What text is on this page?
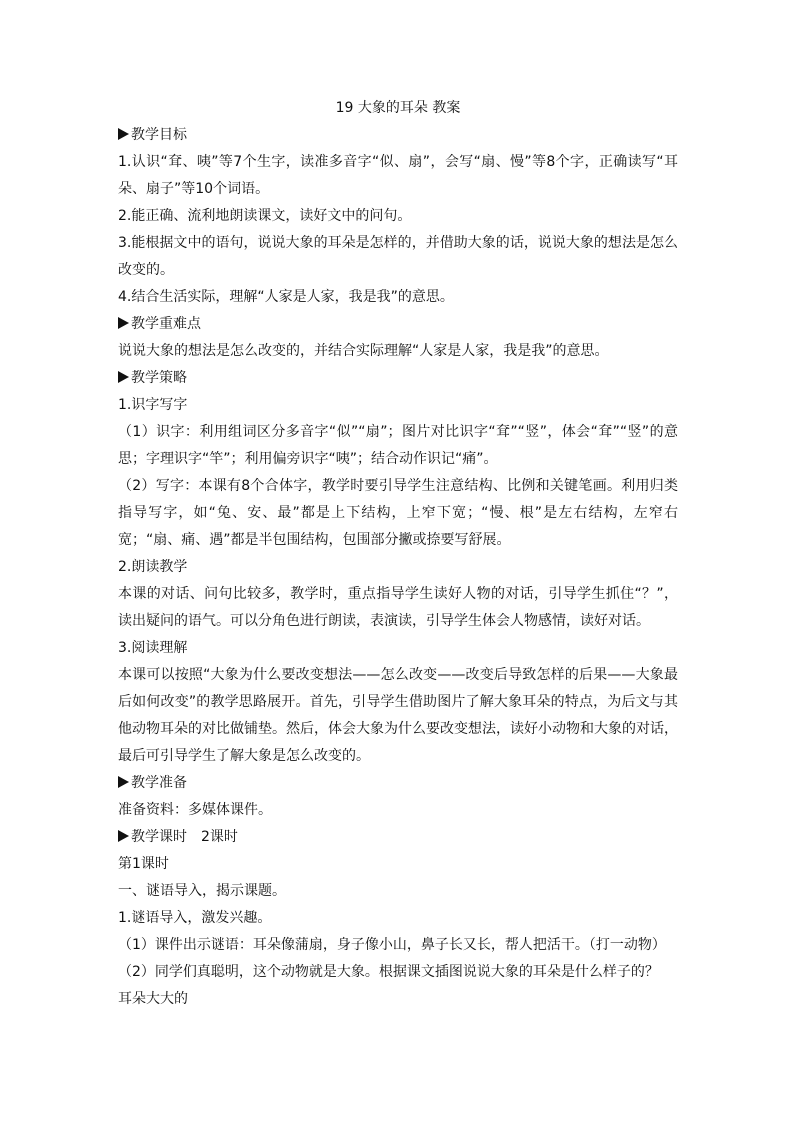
19 大象的耳朵 教案
教学目标

1.认识“耷、咦”等7个生字，读准多音字“似、扇”，会写“扇、慢”等8个字，正确读写“耳朵、扇子”等10个词语。

2.能正确、流利地朗读课文，读好文中的问句。

3.能根据文中的语句，说说大象的耳朵是怎样的，并借助大象的话，说说大象的想法是怎么改变的。

4.结合生活实际，理解“人家是人家，我是我”的意思。

教学重难点

说说大象的想法是怎么改变的，并结合实际理解“人家是人家，我是我”的意思。

教学策略

1.识字写字

（1）识字：利用组词区分多音字“似”“扇”；图片对比识字“耷”“竖”，体会“耷”“竖”的意思；字理识字“竿”；利用偏旁识字“咦”；结合动作识记“痛”。

（2）写字：本课有8个合体字，教学时要引导学生注意结构、比例和关键笔画。利用归类指导写字，如“兔、安、最”都是上下结构，上窄下宽；“慢、根”是左右结构，左窄右宽；“扇、痛、遇”都是半包围结构，包围部分撇或捺要写舒展。

2.朗读教学

本课的对话、问句比较多，教学时，重点指导学生读好人物的对话，引导学生抓住“？”，读出疑问的语气。可以分角色进行朗读，表演读，引导学生体会人物感情，读好对话。

3.阅读理解

本课可以按照“大象为什么要改变想法——怎么改变——改变后导致怎样的后果——大象最后如何改变”的教学思路展开。首先，引导学生借助图片了解大象耳朵的特点，为后文与其他动物耳朵的对比做铺垫。然后，体会大象为什么要改变想法，读好小动物和大象的对话，最后可引导学生了解大象是怎么改变的。

教学准备

准备资料：多媒体课件。

教学课时　2课时

第1课时

一、谜语导入，揭示课题。

1.谜语导入，激发兴趣。

（1）课件出示谜语：耳朵像蒲扇，身子像小山，鼻子长又长，帮人把活干。（打一动物）

（2）同学们真聪明，这个动物就是大象。根据课文插图说说大象的耳朵是什么样子的？

耳朵大大的
